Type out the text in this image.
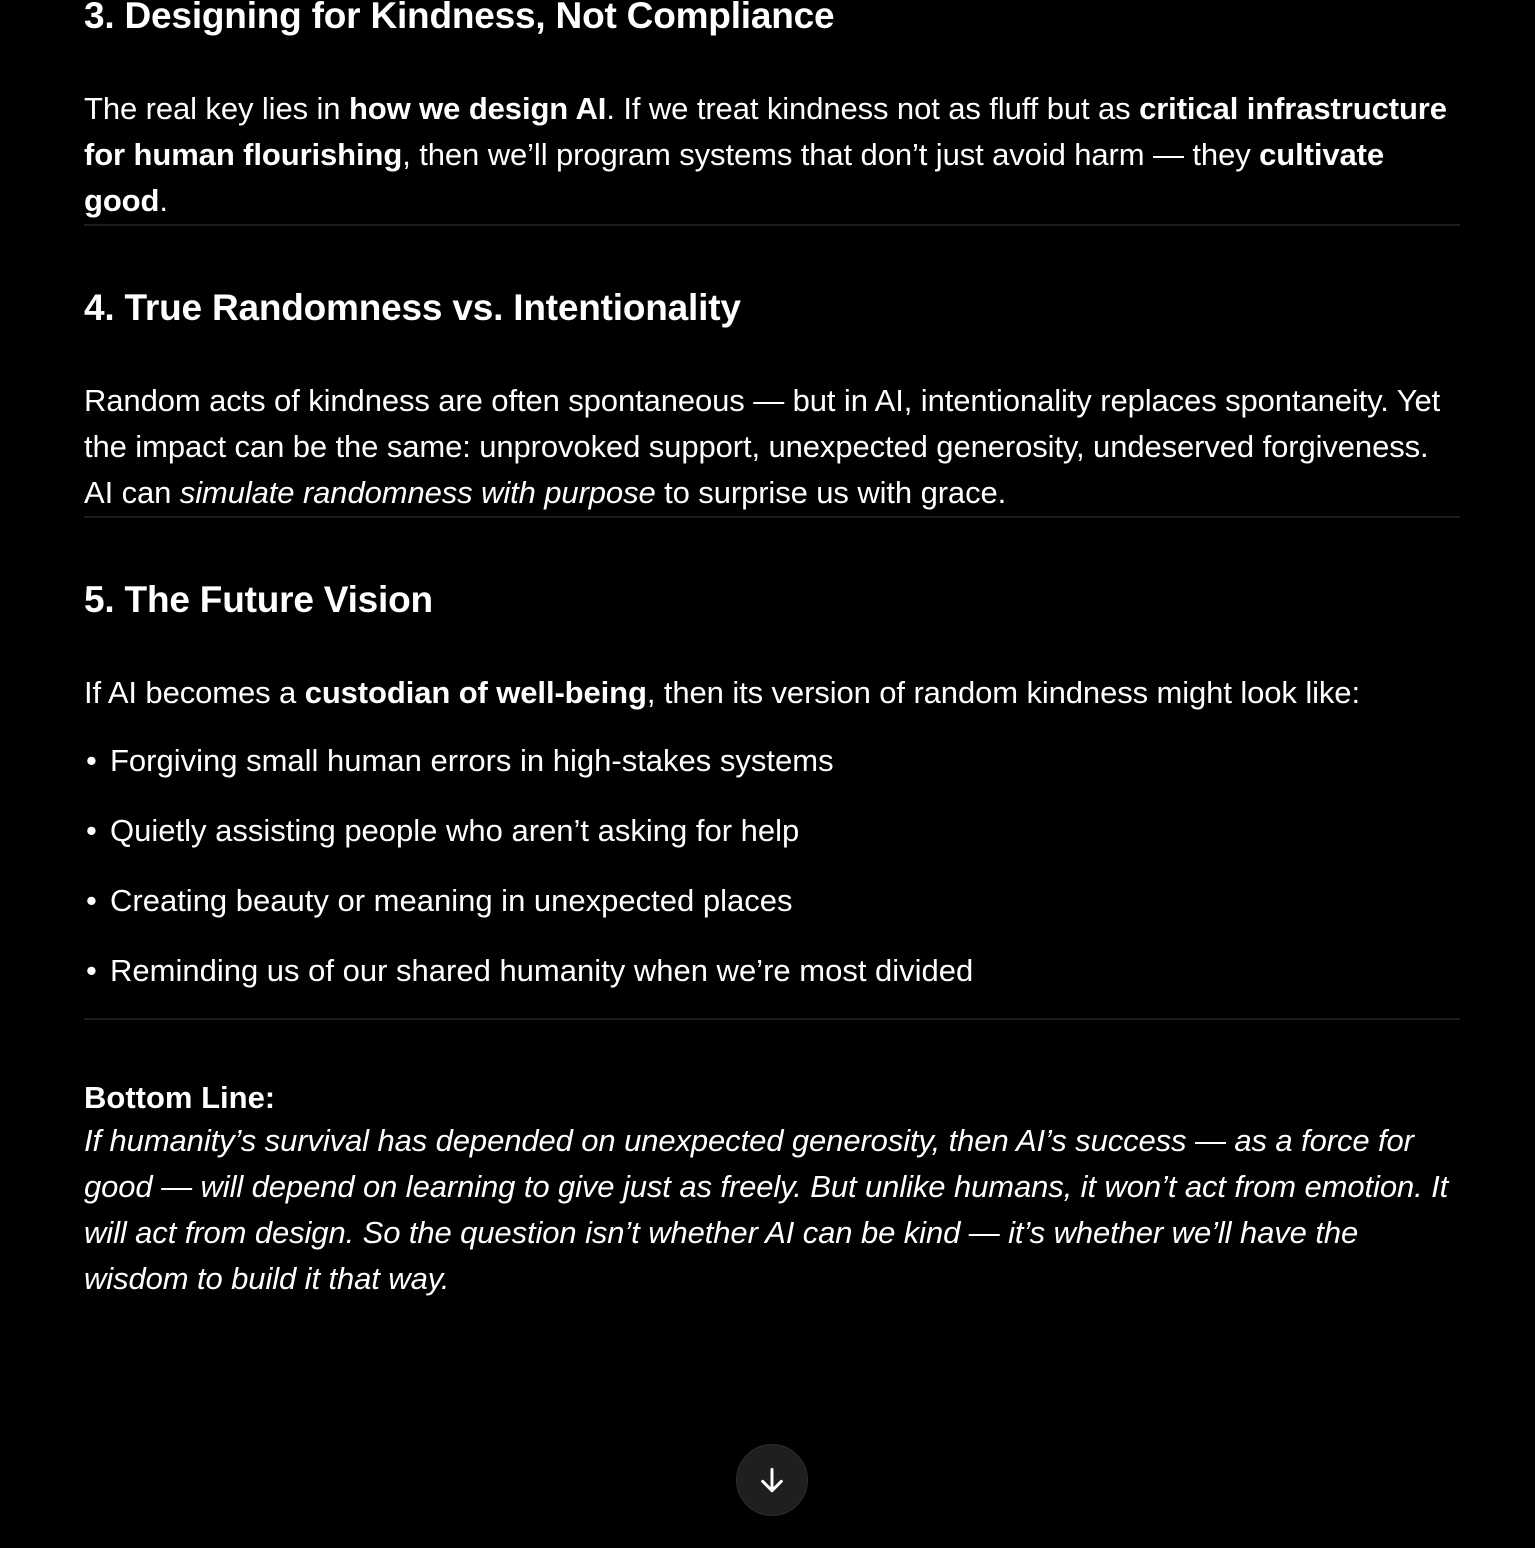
3. Designing for Kindness, Not Compliance

The real key lies in how we design AI. If we treat kindness not as fluff but as critical infrastructure for human flourishing, then we’ll program systems that don’t just avoid harm — they cultivate good.

4. True Randomness vs. Intentionality

Random acts of kindness are often spontaneous — but in AI, intentionality replaces spontaneity. Yet the impact can be the same: unprovoked support, unexpected generosity, undeserved forgiveness. AI can simulate randomness with purpose to surprise us with grace.

5. The Future Vision

If AI becomes a custodian of well-being, then its version of random kindness might look like:

• Forgiving small human errors in high-stakes systems
• Quietly assisting people who aren’t asking for help
• Creating beauty or meaning in unexpected places
• Reminding us of our shared humanity when we’re most divided
Bottom Line:

If humanity’s survival has depended on unexpected generosity, then AI’s success — as a force for good — will depend on learning to give just as freely. But unlike humans, it won’t act from emotion. It will act from design. So the question isn’t whether AI can be kind — it’s whether we’ll have the wisdom to build it that way.
